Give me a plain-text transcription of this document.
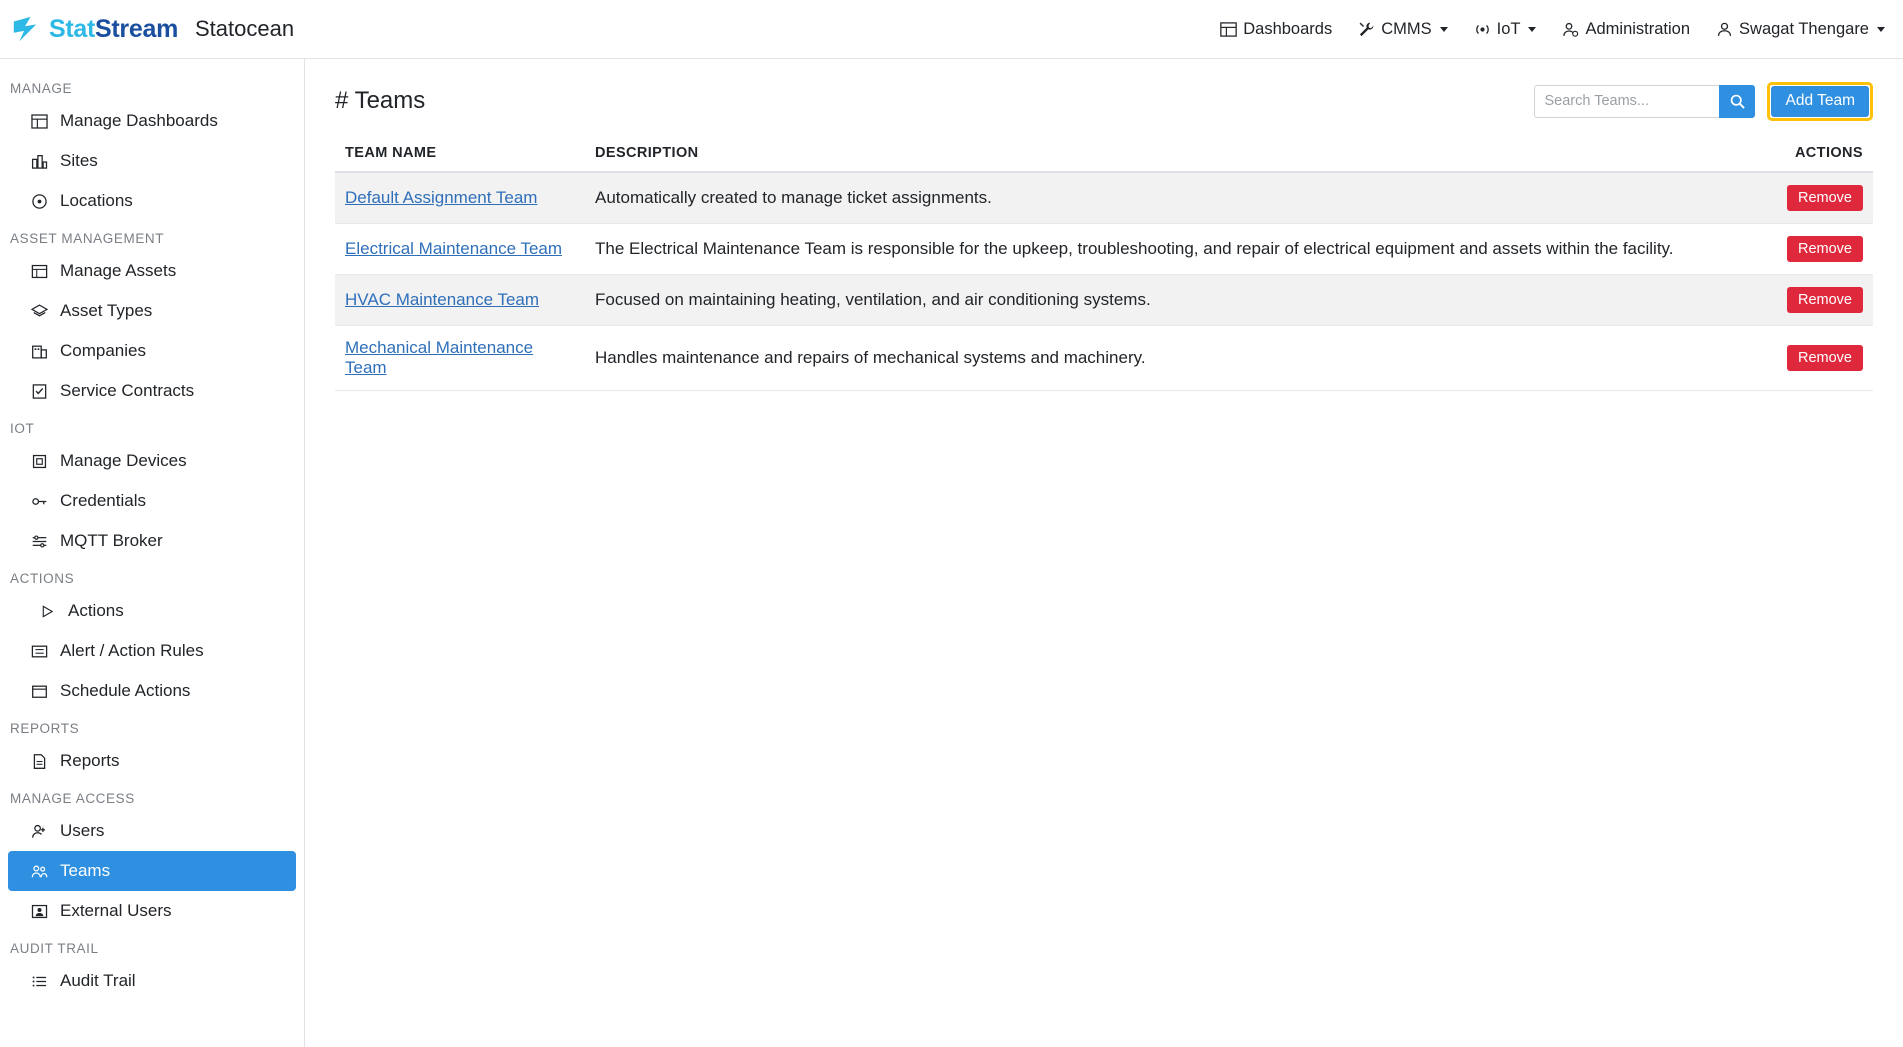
StatStream Statocean	Dashboards	CMMS	IoT	Administration	Swagat Thengare
MANAGE
Manage Dashboards
Sites
Locations
ASSET MANAGEMENT
Manage Assets
Asset Types
Companies
Service Contracts
IOT
Manage Devices
Credentials
MQTT Broker
ACTIONS
Actions
Alert / Action Rules
Schedule Actions
REPORTS
Reports
MANAGE ACCESS
Users
Teams
External Users
AUDIT TRAIL
Audit Trail
# Teams
Search Teams...	Add Team
TEAM NAME	DESCRIPTION	ACTIONS
Default Assignment Team	Automatically created to manage ticket assignments.	Remove
Electrical Maintenance Team	The Electrical Maintenance Team is responsible for the upkeep, troubleshooting, and repair of electrical equipment and assets within the facility.	Remove
HVAC Maintenance Team	Focused on maintaining heating, ventilation, and air conditioning systems.	Remove
Mechanical Maintenance Team	Handles maintenance and repairs of mechanical systems and machinery.	Remove
